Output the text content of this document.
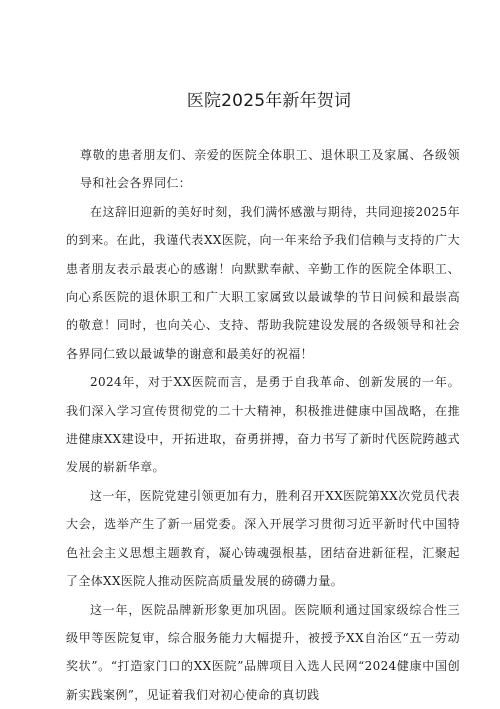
医院2025年新年贺词

尊敬的患者朋友们、亲爱的医院全体职工、退休职工及家属、各级领导和社会各界同仁：

在这辞旧迎新的美好时刻，我们满怀感激与期待，共同迎接2025年的到来。在此，我谨代表XX医院，向一年来给予我们信赖与支持的广大患者朋友表示最衷心的感谢！向默默奉献、辛勤工作的医院全体职工、向心系医院的退休职工和广大职工家属致以最诚挚的节日问候和最崇高的敬意！同时，也向关心、支持、帮助我院建设发展的各级领导和社会各界同仁致以最诚挚的谢意和最美好的祝福！

2024年，对于XX医院而言，是勇于自我革命、创新发展的一年。我们深入学习宣传贯彻党的二十大精神，积极推进健康中国战略，在推进健康XX建设中，开拓进取，奋勇拼搏，奋力书写了新时代医院跨越式发展的崭新华章。

这一年，医院党建引领更加有力，胜利召开XX医院第XX次党员代表大会，选举产生了新一届党委。深入开展学习贯彻习近平新时代中国特色社会主义思想主题教育，凝心铸魂强根基，团结奋进新征程，汇聚起了全体XX医院人推动医院高质量发展的磅礴力量。

这一年，医院品牌新形象更加巩固。医院顺利通过国家级综合性三级甲等医院复审，综合服务能力大幅提升，被授予XX自治区“五一劳动奖状”。“打造家门口的XX医院”品牌项目入选人民网“2024健康中国创新实践案例”，见证着我们对初心使命的真切践
